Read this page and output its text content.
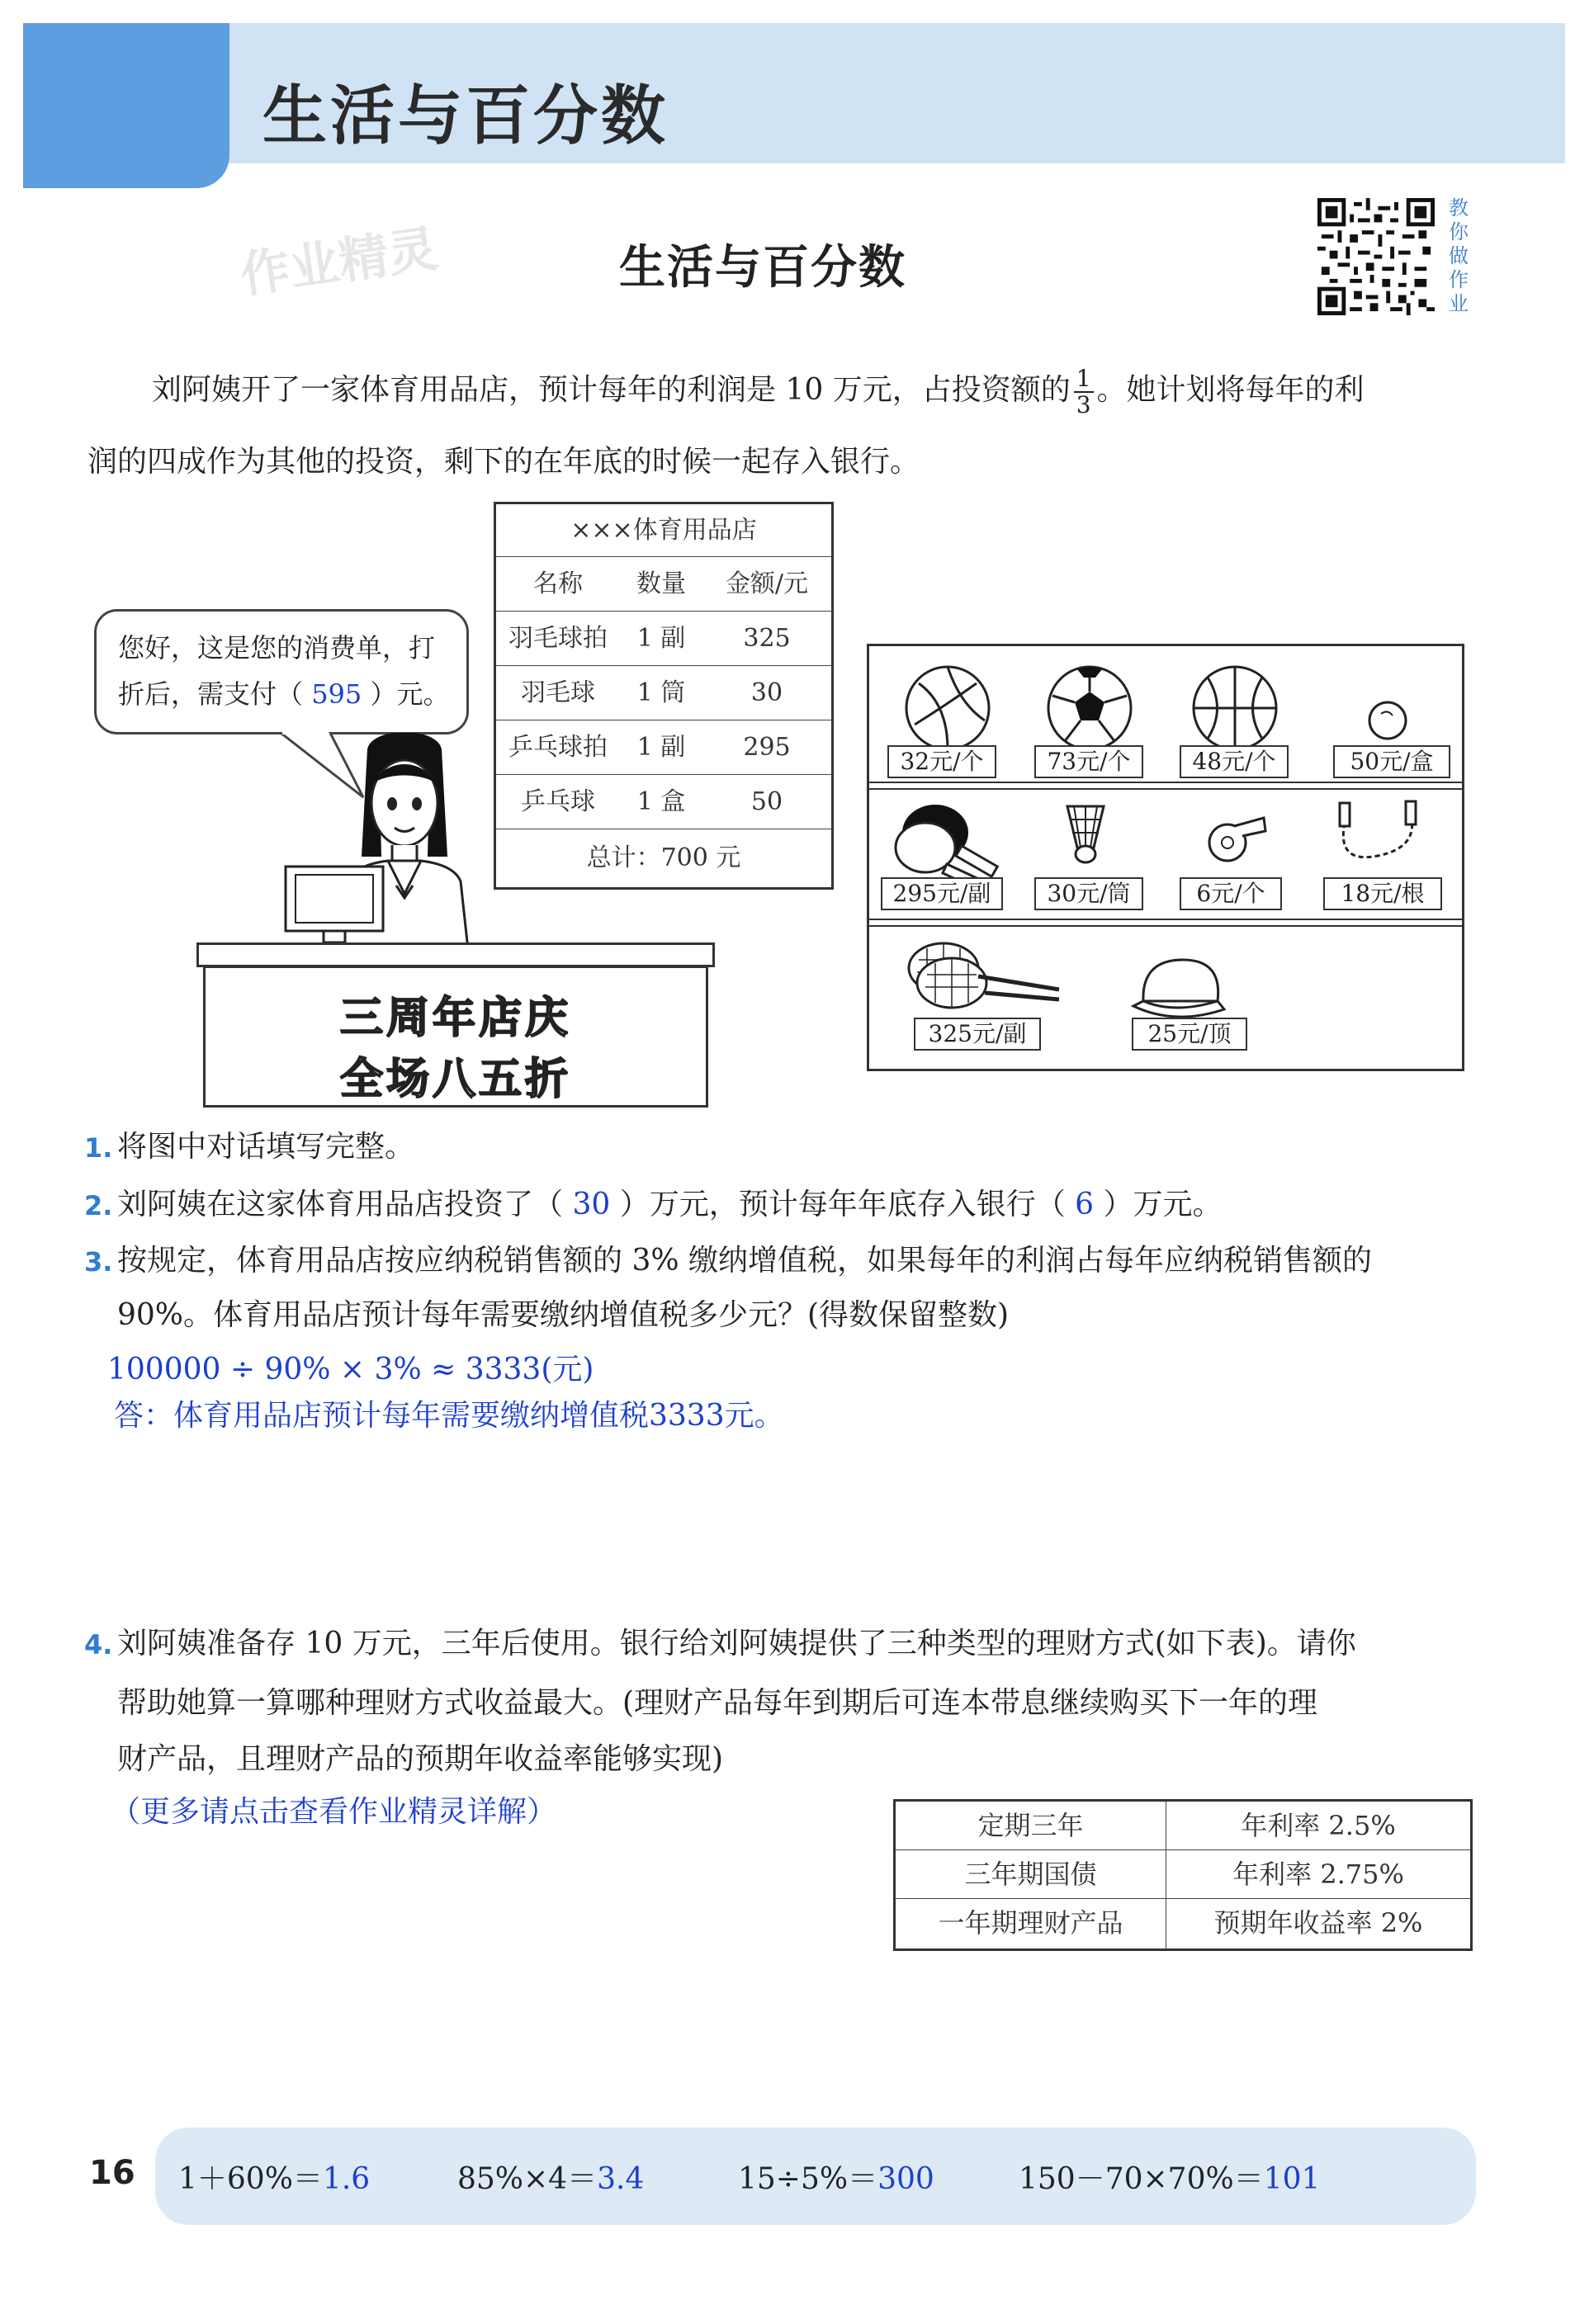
生活与百分数
作业精灵	生活与百分数
教
你
做
作
业
刘阿姨开了一家体育用品店，预计每年的利润是 10 万元，占投资额的 $\frac{1}{3}$ 。她计划将每年的利
润的四成作为其他的投资，剩下的在年底的时候一起存入银行。
×××体育用品店
名称	数量	金额/元
羽毛球拍	1 副	325
羽毛球	1 筒	30
乒乓球拍	1 副	295
乒乓球	1 盒	50
总计：700 元
您好，这是您的消费单，打
折后，需支付（ 595 ）元。
三周年店庆
全场八五折
32元/个	73元/个	48元/个	50元/盒
295元/副	30元/筒	6元/个	18元/根
325元/副	25元/顶
1. 将图中对话填写完整。
2. 刘阿姨在这家体育用品店投资了（ 30 ）万元，预计每年年底存入银行（ 6 ）万元。
3. 按规定，体育用品店按应纳税销售额的 3% 缴纳增值税，如果每年的利润占每年应纳税销售额的
90%。体育用品店预计每年需要缴纳增值税多少元？(得数保留整数)
100000 ÷ 90% × 3% ≈ 3333(元)
答：体育用品店预计每年需要缴纳增值税3333元。
4. 刘阿姨准备存 10 万元，三年后使用。银行给刘阿姨提供了三种类型的理财方式(如下表)。请你
帮助她算一算哪种理财方式收益最大。(理财产品每年到期后可连本带息继续购买下一年的理
财产品，且理财产品的预期年收益率能够实现)
（更多请点击查看作业精灵详解）	定期三年	年利率 2.5%
三年期国债	年利率 2.75%
一年期理财产品	预期年收益率 2%
16 1＋60%＝1.6	85%×4＝3.4	15÷5%＝300	150－70×70%＝101
